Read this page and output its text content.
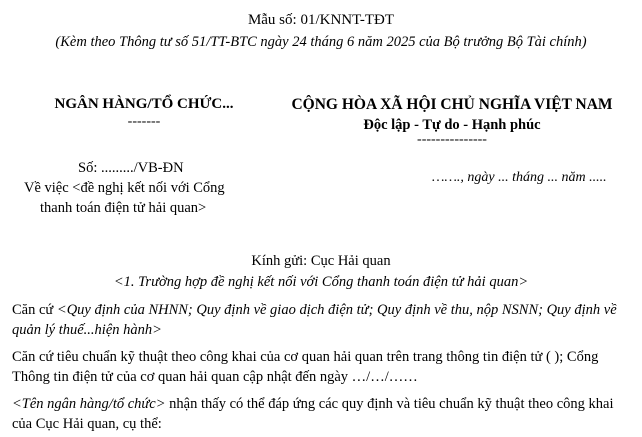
Mẫu số: 01/KNNT-TĐT
(Kèm theo Thông tư số 51/TT-BTC ngày 24 tháng 6 năm 2025 của Bộ trưởng Bộ Tài chính)
NGÂN HÀNG/TỔ CHỨC...
-------
CỘNG HÒA XÃ HỘI CHỦ NGHĨA VIỆT NAM
Độc lập - Tự do - Hạnh phúc
---------------
Số: ........./VB-ĐN
Về việc <đề nghị kết nối với Cổng
thanh toán điện tử hải quan>
……., ngày ... tháng ... năm .....
Kính gửi: Cục Hải quan
<1. Trường hợp đề nghị kết nối với Cổng thanh toán điện tử hải quan>
Căn cứ <Quy định của NHNN; Quy định về giao dịch điện tử; Quy định về thu, nộp NSNN; Quy định về quản lý thuế...hiện hành>
Căn cứ tiêu chuẩn kỹ thuật theo công khai của cơ quan hải quan trên trang thông tin điện tử ( ); Cổng Thông tin điện tử của cơ quan hải quan cập nhật đến ngày …/…/……
<Tên ngân hàng/tổ chức> nhận thấy có thể đáp ứng các quy định và tiêu chuẩn kỹ thuật theo công khai của Cục Hải quan, cụ thể:
